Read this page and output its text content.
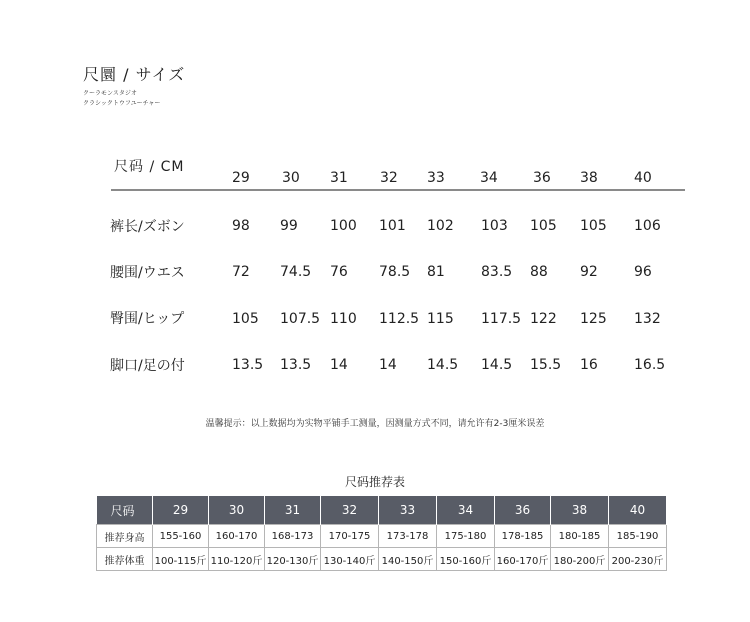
尺圜 / サイズ
クーラモンスタジオ
クラシックトウフユーチャー
尺码 / CM
29 30 31 32 33	34	36 38	40
裤长/ズボン	98 99 100 101 102 103 105 105 106
腰围/ウエス	72 74.5 76 78.5 81	83.5 88 92	96
臀围/ヒップ	105 107.5 110 112.5 115 117.5 122 125 132
脚口/足の付	13.5 13.5 14 14 14.5 14.5 15.5 16	16.5
温馨提示：以上数据均为实物平铺手工测量，因测量方式不同，请允许有2-3厘米误差
尺码推荐表
尺码	29	30	31	32	33	34	36	38	40
推荐身高	155-160	160-170	168-173	170-175	173-178	175-180	178-185	180-185	185-190
推荐体重	100-115斤	110-120斤	120-130斤	130-140斤	140-150斤	150-160斤	160-170斤	180-200斤	200-230斤
